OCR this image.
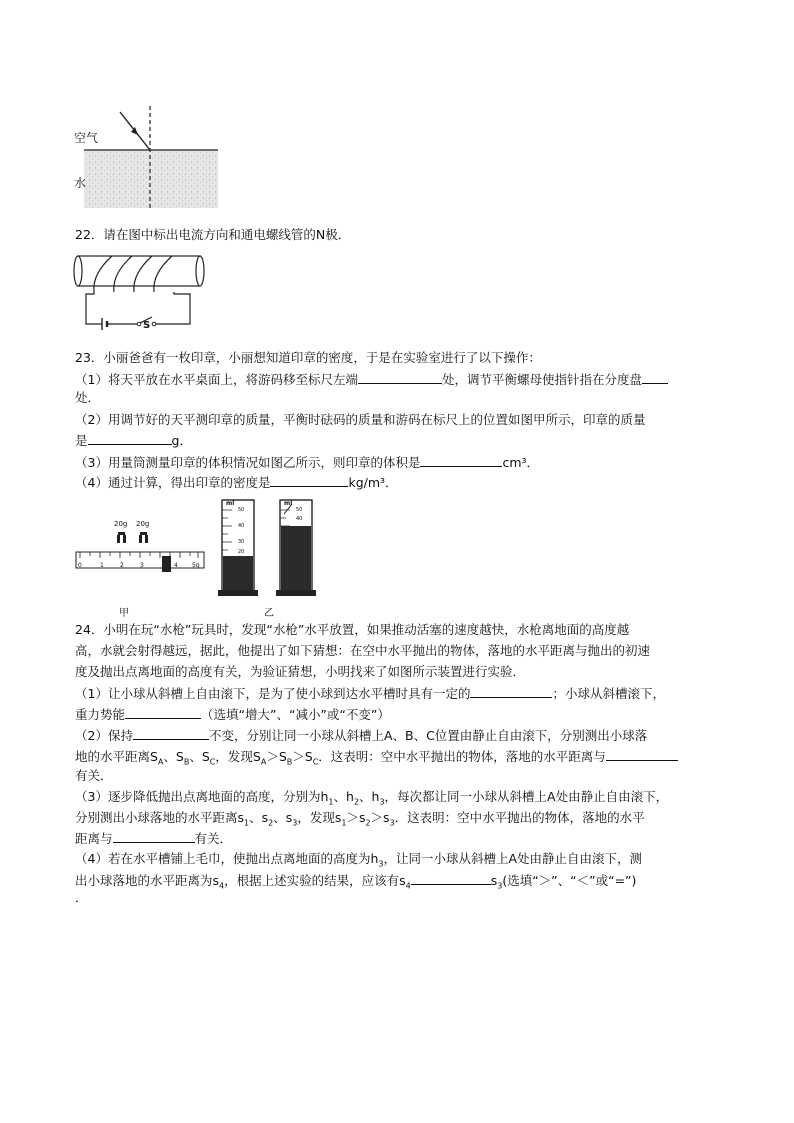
空气
水
22．请在图中标出电流方向和通电螺线管的N极．
S
23．小丽爸爸有一枚印章，小丽想知道印章的密度，于是在实验室进行了以下操作：
（1）将天平放在水平桌面上，将游码移至标尺左端	处，调节平衡螺母使指针指在分度盘
处．
（2）用调节好的天平测印章的质量，平衡时砝码的质量和游码在标尺上的位置如图甲所示，印章的质量
是	g．
（3）用量筒测量印章的体积情况如图乙所示，则印章的体积是	cm³．
（4）通过计算，得出印章的密度是	kg/m³．
20g 20g
0	1	2	3	4 5g
甲
ml
50
40
30
20
ml
50
40
乙
24．小明在玩“水枪”玩具时，发现“水枪”水平放置，如果推动活塞的速度越快，水枪离地面的高度越
高，水就会射得越远，据此，他提出了如下猜想：在空中水平抛出的物体，落地的水平距离与抛出的初速
度及抛出点离地面的高度有关，为验证猜想，小明找来了如图所示装置进行实验．
（1）让小球从斜槽上自由滚下，是为了使小球到达水平槽时具有一定的	；小球从斜槽滚下，
重力势能	（选填“增大”、“减小”或“不变”）
（2）保持	不变，分别让同一小球从斜槽上A、B、C位置由静止自由滚下，分别测出小球落
地的水平距离$S_A$、$S_B$、$S_C$，发现$S_A>S_B>S_C$．这表明：空中水平抛出的物体，落地的水平距离与
有关．
（3）逐步降低抛出点离地面的高度，分别为$h_1$、$h_2$、$h_3$，每次都让同一小球从斜槽上A处由静止自由滚下，
分别测出小球落地的水平距离$s_1$、$s_2$、$s_3$，发现$s_1>s_2>s_3$．这表明：空中水平抛出的物体，落地的水平
距离与	有关．
（4）若在水平槽铺上毛巾，使抛出点离地面的高度为$h_3$，让同一小球从斜槽上A处由静止自由滚下，测
出小球落地的水平距离为$s_4$，根据上述实验的结果，应该有$s_4$	$s_3$(选填“＞”、“＜”或“=”)
．
